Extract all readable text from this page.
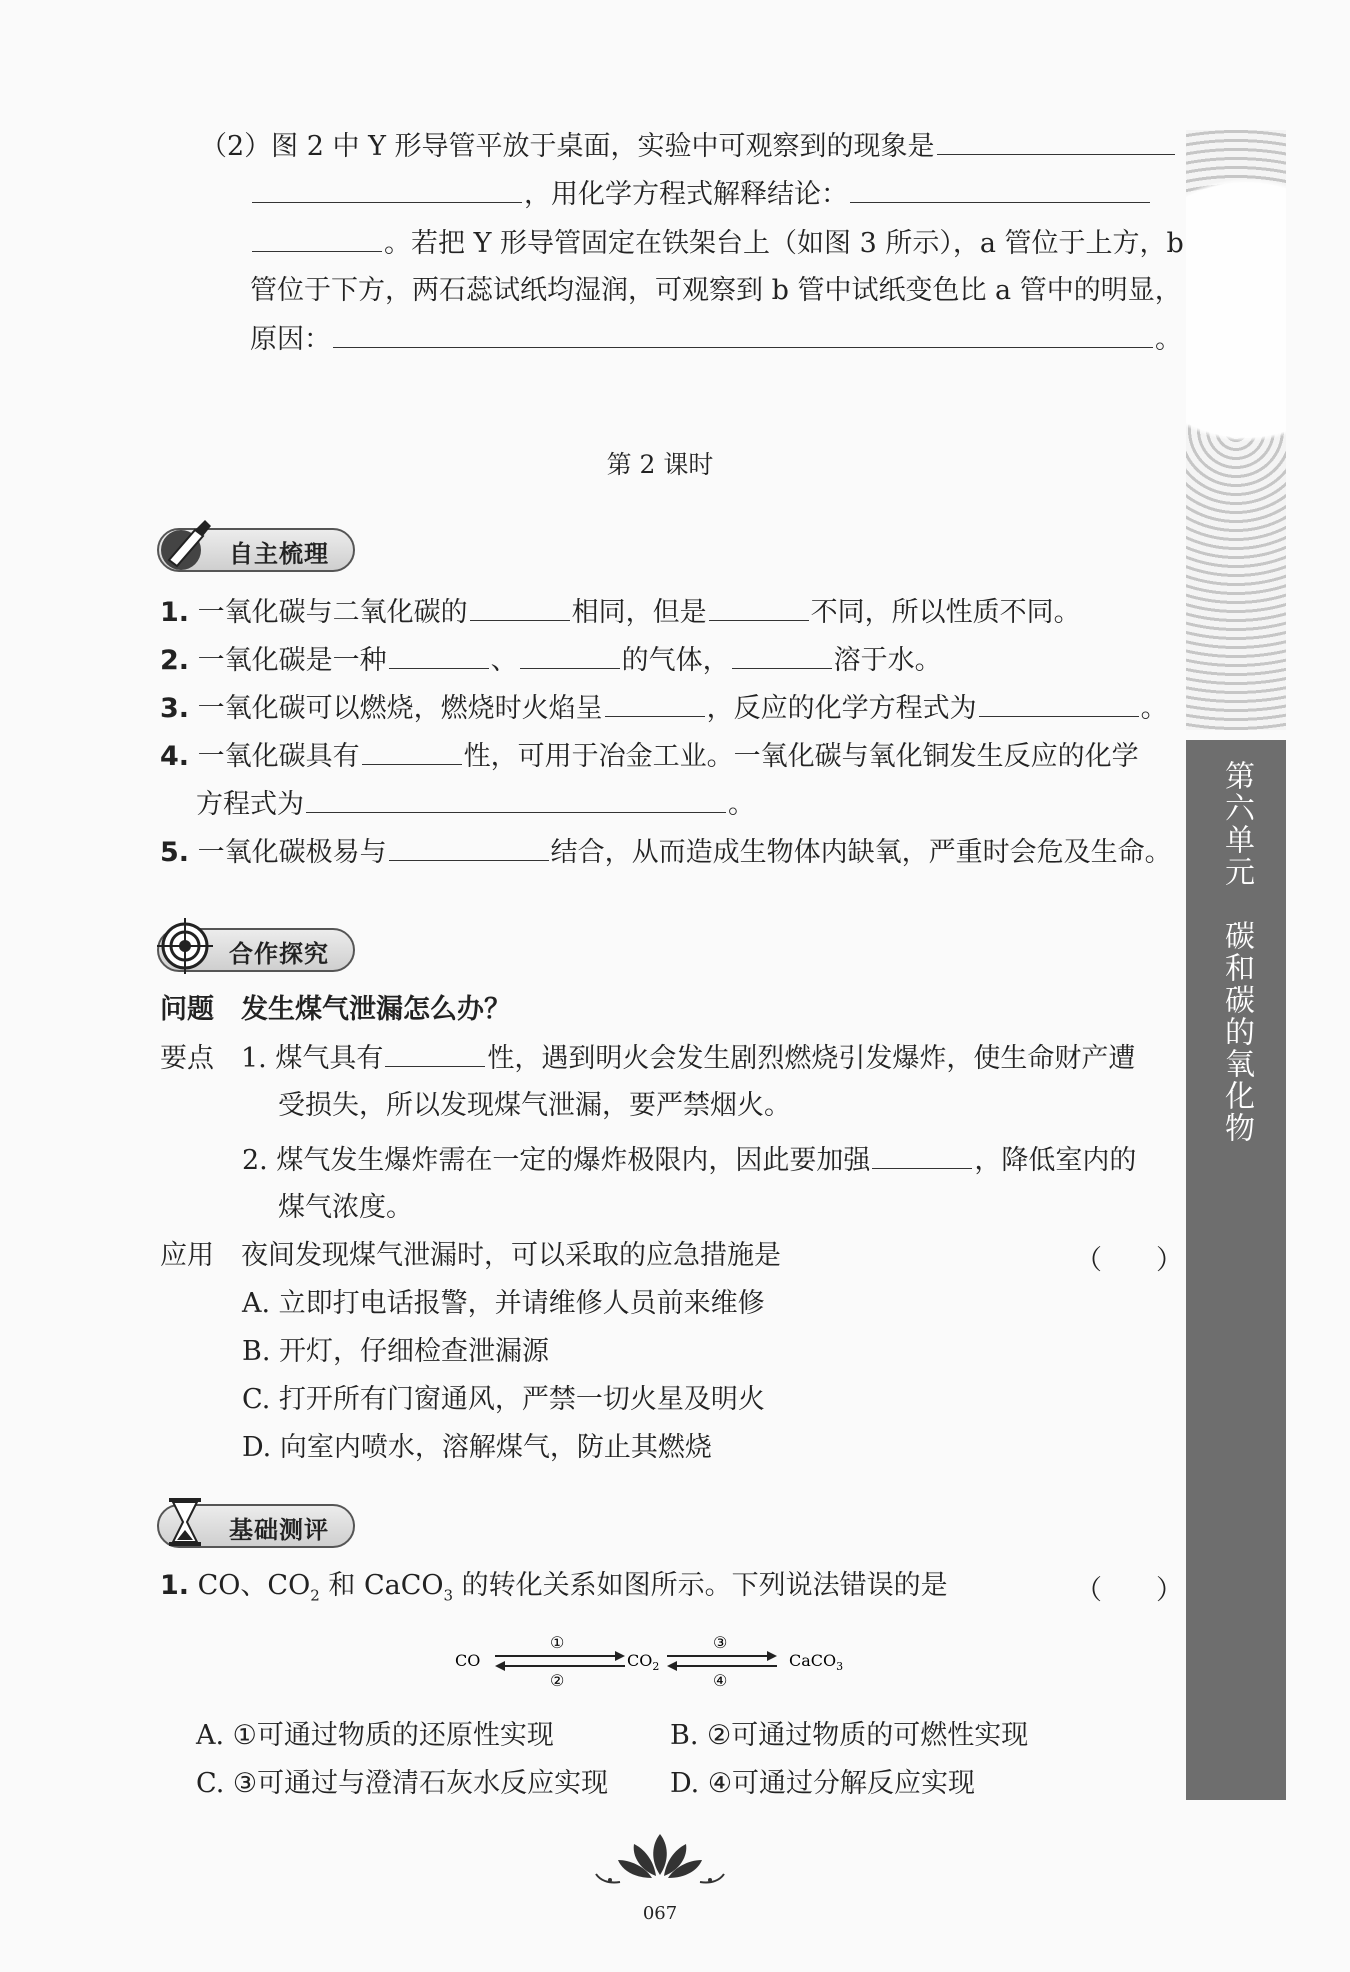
第六单元　碳和碳的氧化物
（2）图 2 中 Y 形导管平放于桌面，实验中可观察到的现象是
，用化学方程式解释结论：
。若把 Y 形导管固定在铁架台上（如图 3 所示），a 管位于上方，b
管位于下方，两石蕊试纸均湿润，可观察到 b 管中试纸变色比 a 管中的明显，
原因：	。
第 2 课时
自主梳理
1. 一氧化碳与二氧化碳的	相同，但是	不同，所以性质不同。
2. 一氧化碳是一种	、	的气体，	溶于水。
3. 一氧化碳可以燃烧，燃烧时火焰呈	，反应的化学方程式为	。
4. 一氧化碳具有	性，可用于冶金工业。一氧化碳与氧化铜发生反应的化学
方程式为	。
5. 一氧化碳极易与	结合，从而造成生物体内缺氧，严重时会危及生命。
合作探究
问题　 发生煤气泄漏怎么办？
要点　 1. 煤气具有	性，遇到明火会发生剧烈燃烧引发爆炸，使生命财产遭
受损失，所以发现煤气泄漏，要严禁烟火。
2. 煤气发生爆炸需在一定的爆炸极限内，因此要加强	，降低室内的
煤气浓度。
应用　 夜间发现煤气泄漏时，可以采取的应急措施是	（　　）
A. 立即打电话报警，并请维修人员前来维修
B. 开灯，仔细检查泄漏源
C. 打开所有门窗通风，严禁一切火星及明火
D. 向室内喷水，溶解煤气，防止其燃烧
基础测评
1. CO、$CO_2$ 和 CaCO$_3$ 的转化关系如图所示。下列说法错误的是	（　　）
CO
①
②
$CO_2$
③
④
CaCO$_3$
A. ①可通过物质的还原性实现	B. ②可通过物质的可燃性实现
C. ③可通过与澄清石灰水反应实现 D. ④可通过分解反应实现
067
